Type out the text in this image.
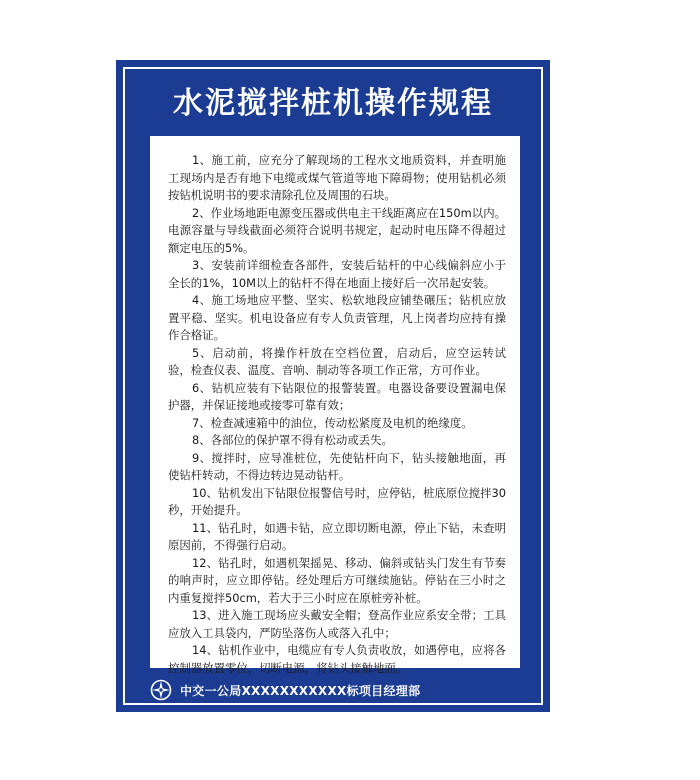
水泥搅拌桩机操作规程

1、施工前，应充分了解现场的工程水文地质资料，并查明施工现场内是否有地下电缆或煤气管道等地下障碍物；使用钻机必须按钻机说明书的要求清除孔位及周围的石块。

2、作业场地距电源变压器或供电主干线距离应在150m以内。电源容量与导线截面必须符合说明书规定，起动时电压降不得超过额定电压的5%。

3、安装前详细检查各部件，安装后钻杆的中心线偏斜应小于全长的1%，10M以上的钻杆不得在地面上接好后一次吊起安装。

4、施工场地应平整、坚实、松软地段应铺垫碾压；钻机应放置平稳、坚实。机电设备应有专人负责管理，凡上岗者均应持有操作合格证。

5、启动前，将操作杆放在空档位置，启动后，应空运转试验，检查仪表、温度、音响、制动等各项工作正常，方可作业。

6、钻机应装有下钻限位的报警装置。电器设备要设置漏电保护器，并保证接地或接零可靠有效；

7、检查减速箱中的油位，传动松紧度及电机的绝缘度。

8、各部位的保护罩不得有松动或丢失。

9、搅拌时，应导准桩位，先使钻杆向下，钻头接触地面，再使钻杆转动，不得边转边晃动钻杆。

10、钻机发出下钻限位报警信号时，应停钻，桩底原位搅拌30秒，开始提升。

11、钻孔时，如遇卡钻，应立即切断电源，停止下钻，未查明原因前，不得强行启动。

12、钻孔时，如遇机架摇晃、移动、偏斜或钻头门发生有节奏的响声时，应立即停钻。经处理后方可继续施钻。停钻在三小时之内重复搅拌50cm，若大于三小时应在原桩旁补桩。

13、进入施工现场应头戴安全帽；登高作业应系安全带；工具应放入工具袋内，严防坠落伤人或落入孔中；

14、钻机作业中，电缆应有专人负责收放，如遇停电，应将各控制器放置零位，切断电源，将钻头接触地面。

中交一公局XXXXXXXXXXX标项目经理部
